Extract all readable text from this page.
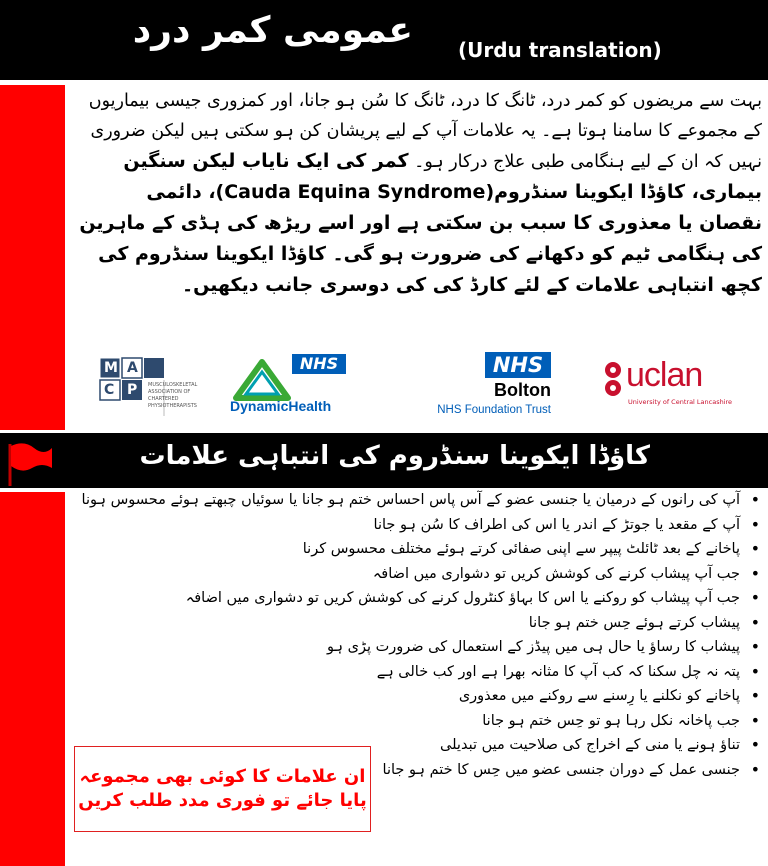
عمومی کمر درد (Urdu translation)
بہت سے مریضوں کو کمر درد، ٹانگ کا درد، ٹانگ کا سُن ہو جانا، اور کمزوری جیسی بیماریوں کے مجموعے کا سامنا ہوتا ہے۔ یہ علامات آپ کے لیے پریشان کن ہو سکتی ہیں لیکن ضروری نہیں کہ ان کے لیے ہنگامی طبی علاج درکار ہو۔ کمر کی ایک نایاب لیکن سنگین بیماری، کاؤڈا ایکوینا سنڈروم(Cauda Equina Syndrome)، دائمی نقصان یا معذوری کا سبب بن سکتی ہے اور اسے ریڑھ کی ہڈی کے ماہرین کی ہنگامی ٹیم کو دکھانے کی ضرورت ہو گی۔ کاؤڈا ایکوینا سنڈروم کی کچھ انتباہی علامات کے لئے کارڈ کی کی دوسری جانب دیکھیں۔
M A
C P MUSCULOSKELETAL ASSOCIATION OF CHARTERED PHYSIOTHERAPISTS
NHS
DynamicHealth
NHS
Bolton
NHS Foundation Trust
uclan
University of Central Lancashire
کاؤڈا ایکوینا سنڈروم کی انتباہی علامات
• آپ کی رانوں کے درمیان یا جنسی عضو کے آس پاس احساس ختم ہو جانا یا سوئیاں چبھتے ہوئے محسوس ہونا
• آپ کے مقعد یا جوتڑ کے اندر یا اس کی اطراف کا سُن ہو جانا
• پاخانے کے بعد ٹائلٹ پیپر سے اپنی صفائی کرتے ہوئے مختلف محسوس کرنا
• جب آپ پیشاب کرنے کی کوشش کریں تو دشواری میں اضافہ
• جب آپ پیشاب کو روکنے یا اس کا بہاؤ کنٹرول کرنے کی کوشش کریں تو دشواری میں اضافہ
• پیشاب کرتے ہوئے حِس ختم ہو جانا
• پیشاب کا رساؤ یا حال ہی میں پیڈز کے استعمال کی ضرورت پڑی ہو
• پتہ نہ چل سکنا کہ کب آپ کا مثانہ بھرا ہے اور کب خالی ہے
• پاخانے کو نکلنے یا رِسنے سے روکنے میں معذوری
• جب پاخانہ نکل رہا ہو تو حِس ختم ہو جانا
• تناؤ ہونے یا منی کے اخراج کی صلاحیت میں تبدیلی
• جنسی عمل کے دوران جنسی عضو میں حِس کا ختم ہو جانا
ان علامات کا کوئی بھی مجموعہ پایا جائے تو فوری مدد طلب کریں
